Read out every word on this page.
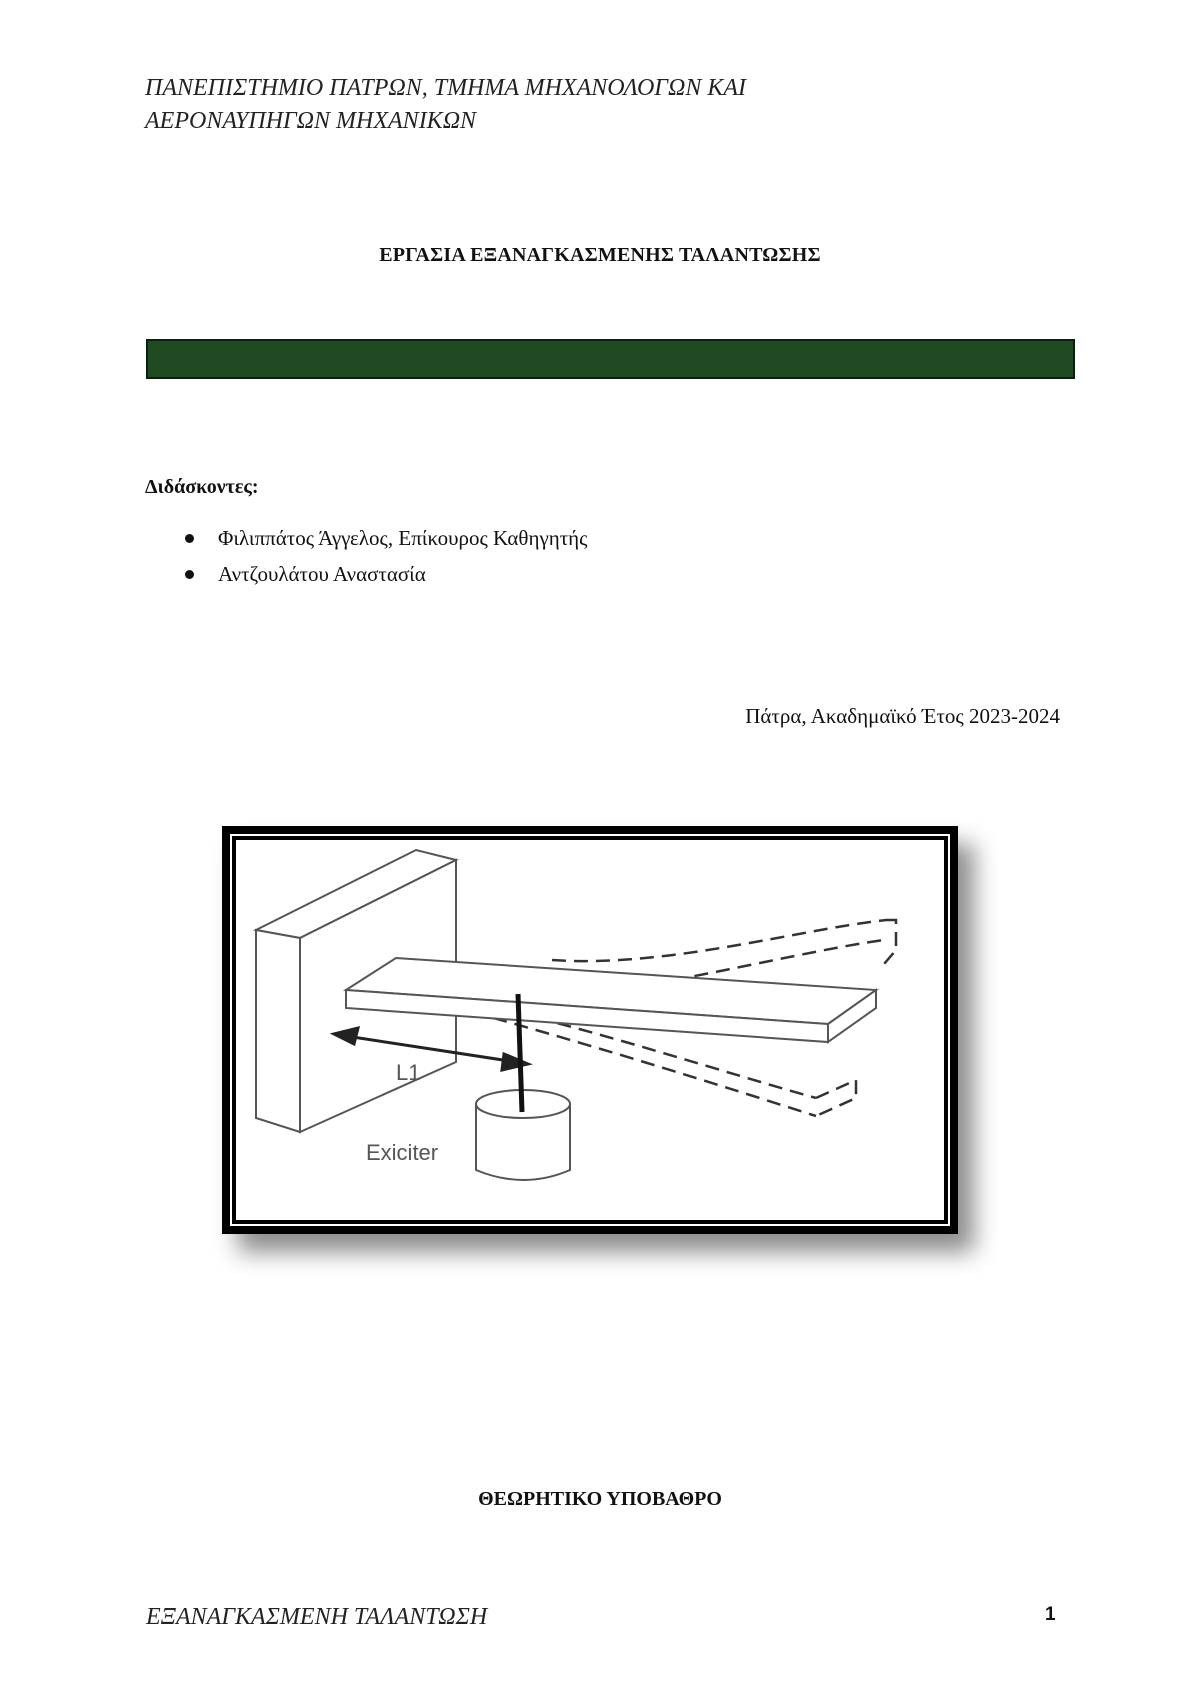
ΠΑΝΕΠΙΣΤΗΜΙΟ ΠΑΤΡΩΝ, ΤΜΗΜΑ ΜΗΧΑΝΟΛΟΓΩΝ ΚΑΙ
ΑΕΡΟΝΑΥΠΗΓΩΝ ΜΗΧΑΝΙΚΩΝ
ΕΡΓΑΣΙΑ ΕΞΑΝΑΓΚΑΣΜΕΝΗΣ ΤΑΛΑΝΤΩΣΗΣ
Διδάσκοντες:
Φιλιππάτος Άγγελος, Επίκουρος Καθηγητής
Αντζουλάτου Αναστασία
Πάτρα, Ακαδημαϊκό Έτος 2023-2024
L1
Exiciter
ΘΕΩΡΗΤΙΚΟ ΥΠΟΒΑΘΡΟ
ΕΞΑΝΑΓΚΑΣΜΕΝΗ ΤΑΛΑΝΤΩΣΗ	1
